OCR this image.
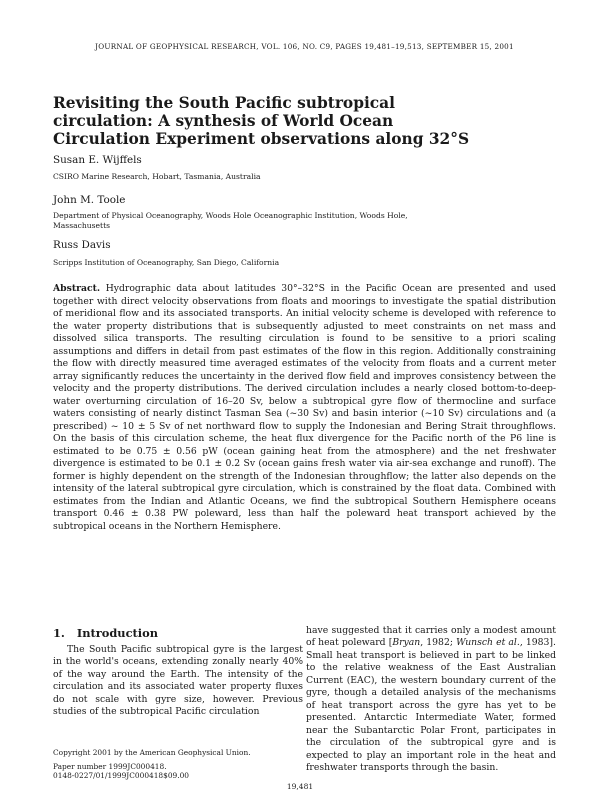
JOURNAL OF GEOPHYSICAL RESEARCH, VOL. 106, NO. C9, PAGES 19,481–19,513, SEPTEMBER 15, 2001
Revisiting the South Pacific subtropical circulation: A synthesis of World Ocean Circulation Experiment observations along 32°S
Susan E. Wijffels
CSIRO Marine Research, Hobart, Tasmania, Australia
John M. Toole
Department of Physical Oceanography, Woods Hole Oceanographic Institution, Woods Hole, Massachusetts
Russ Davis
Scripps Institution of Oceanography, San Diego, California
Abstract. Hydrographic data about latitudes 30°–32°S in the Pacific Ocean are presented and used together with direct velocity observations from floats and moorings to investigate the spatial distribution of meridional flow and its associated transports. An initial velocity scheme is developed with reference to the water property distributions that is subsequently adjusted to meet constraints on net mass and dissolved silica transports. The resulting circulation is found to be sensitive to a priori scaling assumptions and differs in detail from past estimates of the flow in this region. Additionally constraining the flow with directly measured time averaged estimates of the velocity from floats and a current meter array significantly reduces the uncertainty in the derived flow field and improves consistency between the velocity and the property distributions. The derived circulation includes a nearly closed bottom-to-deep-water overturning circulation of 16–20 Sv, below a subtropical gyre flow of thermocline and surface waters consisting of nearly distinct Tasman Sea (~30 Sv) and basin interior (~10 Sv) circulations and (a prescribed) ~ 10 ± 5 Sv of net northward flow to supply the Indonesian and Bering Strait throughflows. On the basis of this circulation scheme, the heat flux divergence for the Pacific north of the P6 line is estimated to be 0.75 ± 0.56 pW (ocean gaining heat from the atmosphere) and the net freshwater divergence is estimated to be 0.1 ± 0.2 Sv (ocean gains fresh water via air-sea exchange and runoff). The former is highly dependent on the strength of the Indonesian throughflow; the latter also depends on the intensity of the lateral subtropical gyre circulation, which is constrained by the float data. Combined with estimates from the Indian and Atlantic Oceans, we find the subtropical Southern Hemisphere oceans transport 0.46 ± 0.38 PW poleward, less than half the poleward heat transport achieved by the subtropical oceans in the Northern Hemisphere.
1. Introduction
The South Pacific subtropical gyre is the largest in the world's oceans, extending zonally nearly 40% of the way around the Earth. The intensity of the circulation and its associated water property fluxes do not scale with gyre size, however. Previous studies of the subtropical Pacific circulation
have suggested that it carries only a modest amount of heat poleward [Bryan, 1982; Wunsch et al., 1983]. Small heat transport is believed in part to be linked to the relative weakness of the East Australian Current (EAC), the western boundary current of the gyre, though a detailed analysis of the mechanisms of heat transport across the gyre has yet to be presented. Antarctic Intermediate Water, formed near the Subantarctic Polar Front, participates in the circulation of the subtropical gyre and is expected to play an important role in the heat and freshwater transports through the basin.
Copyright 2001 by the American Geophysical Union.
Paper number 1999JC000418.
0148-0227/01/1999JC000418$09.00
19,481
